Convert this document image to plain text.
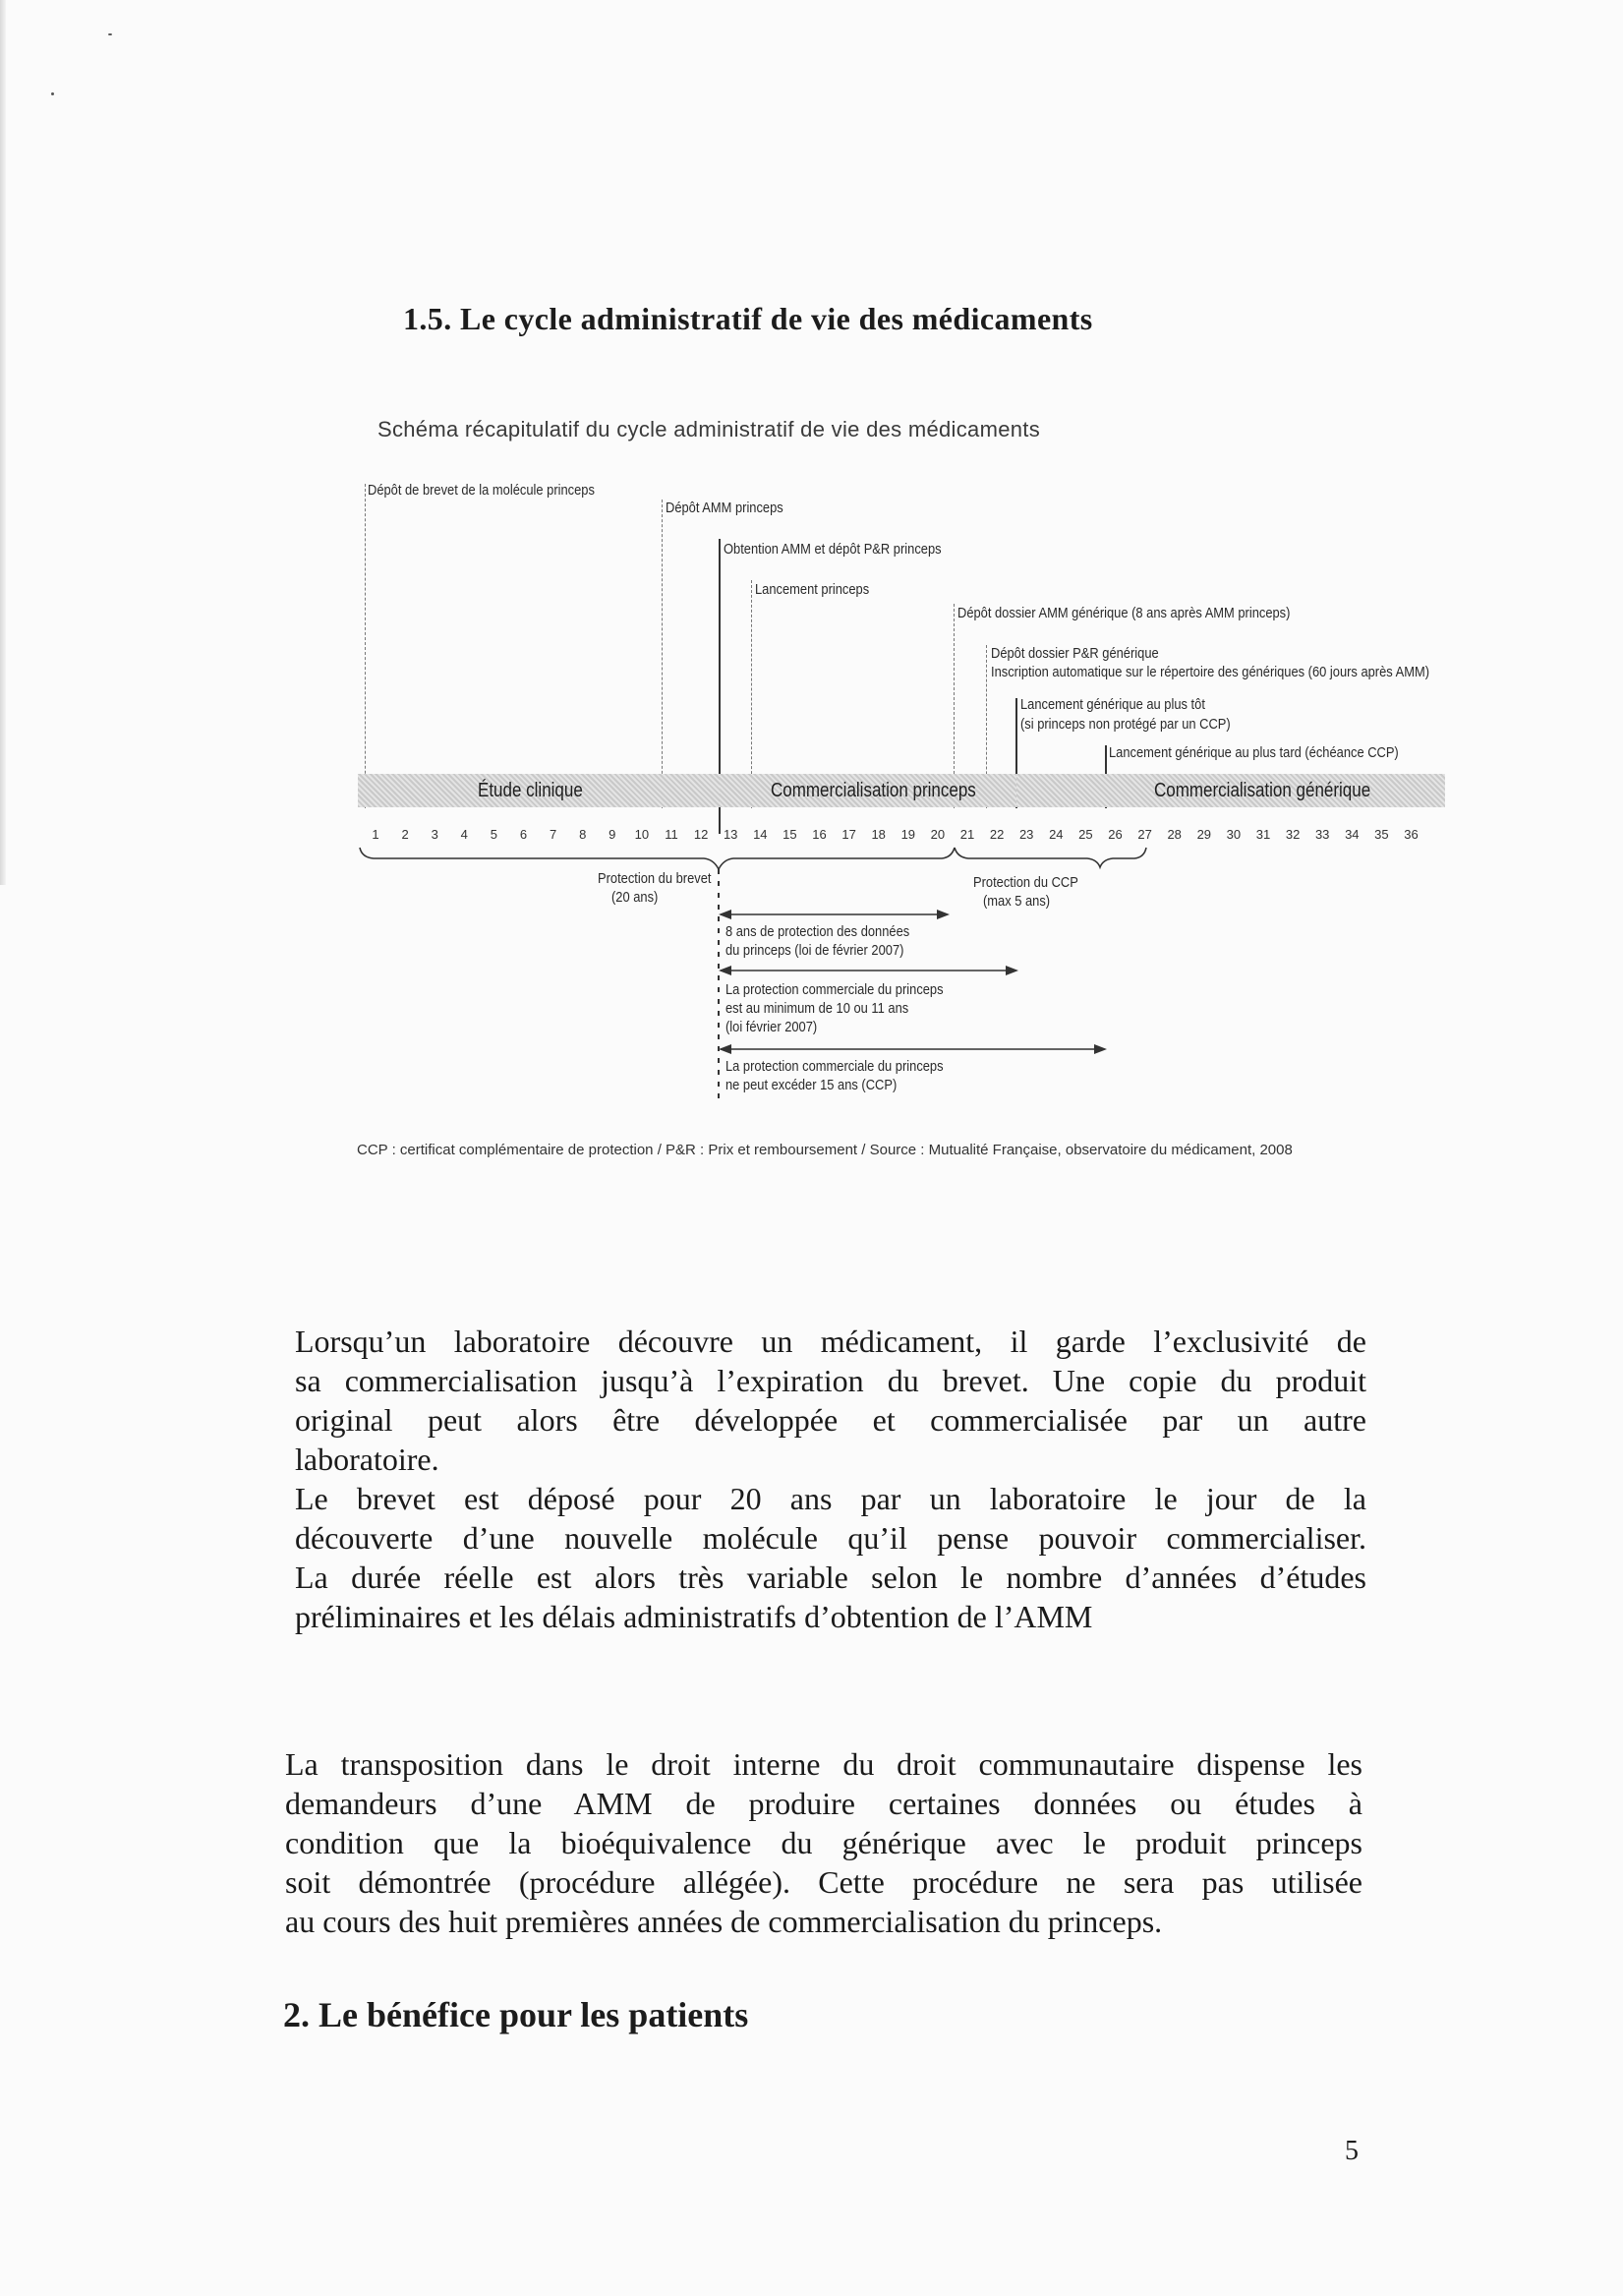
1.5. Le cycle administratif de vie des médicaments
Schéma récapitulatif du cycle administratif de vie des médicaments
Dépôt de brevet de la molécule princeps
Dépôt AMM princeps
Obtention AMM et dépôt P&R princeps
Lancement princeps
Dépôt dossier AMM générique (8 ans après AMM princeps)
Dépôt dossier P&R générique
Inscription automatique sur le répertoire des génériques (60 jours après AMM)
Lancement générique au plus tôt
(si princeps non protégé par un CCP)
Lancement générique au plus tard (échéance CCP)
Étude clinique	Commercialisation princeps	Commercialisation générique
1	2	3	4	5	6	7	8	9	10 11 12 13 14 15 16 17 18 19 20 21 22 23 24 25 26 27 28 29 30 31 32 33 34 35 36
Protection du brevet
(20 ans)
Protection du CCP
(max 5 ans)
8 ans de protection des données
du princeps (loi de février 2007)
La protection commerciale du princeps
est au minimum de 10 ou 11 ans
(loi février 2007)
La protection commerciale du princeps
ne peut excéder 15 ans (CCP)
CCP : certificat complémentaire de protection / P&R : Prix et remboursement / Source : Mutualité Française, observatoire du médicament, 2008
Lorsqu’un laboratoire découvre un médicament, il garde l’exclusivité de
sa commercialisation jusqu’à l’expiration du brevet. Une copie du produit
original peut alors être développée et commercialisée par un autre
laboratoire.
Le brevet est déposé pour 20 ans par un laboratoire le jour de la
découverte d’une nouvelle molécule qu’il pense pouvoir commercialiser.
La durée réelle est alors très variable selon le nombre d’années d’études
préliminaires et les délais administratifs d’obtention de l’AMM
La transposition dans le droit interne du droit communautaire dispense les
demandeurs d’une AMM de produire certaines données ou études à
condition que la bioéquivalence du générique avec le produit princeps
soit démontrée (procédure allégée). Cette procédure ne sera pas utilisée
au cours des huit premières années de commercialisation du princeps.
2. Le bénéfice pour les patients
5
